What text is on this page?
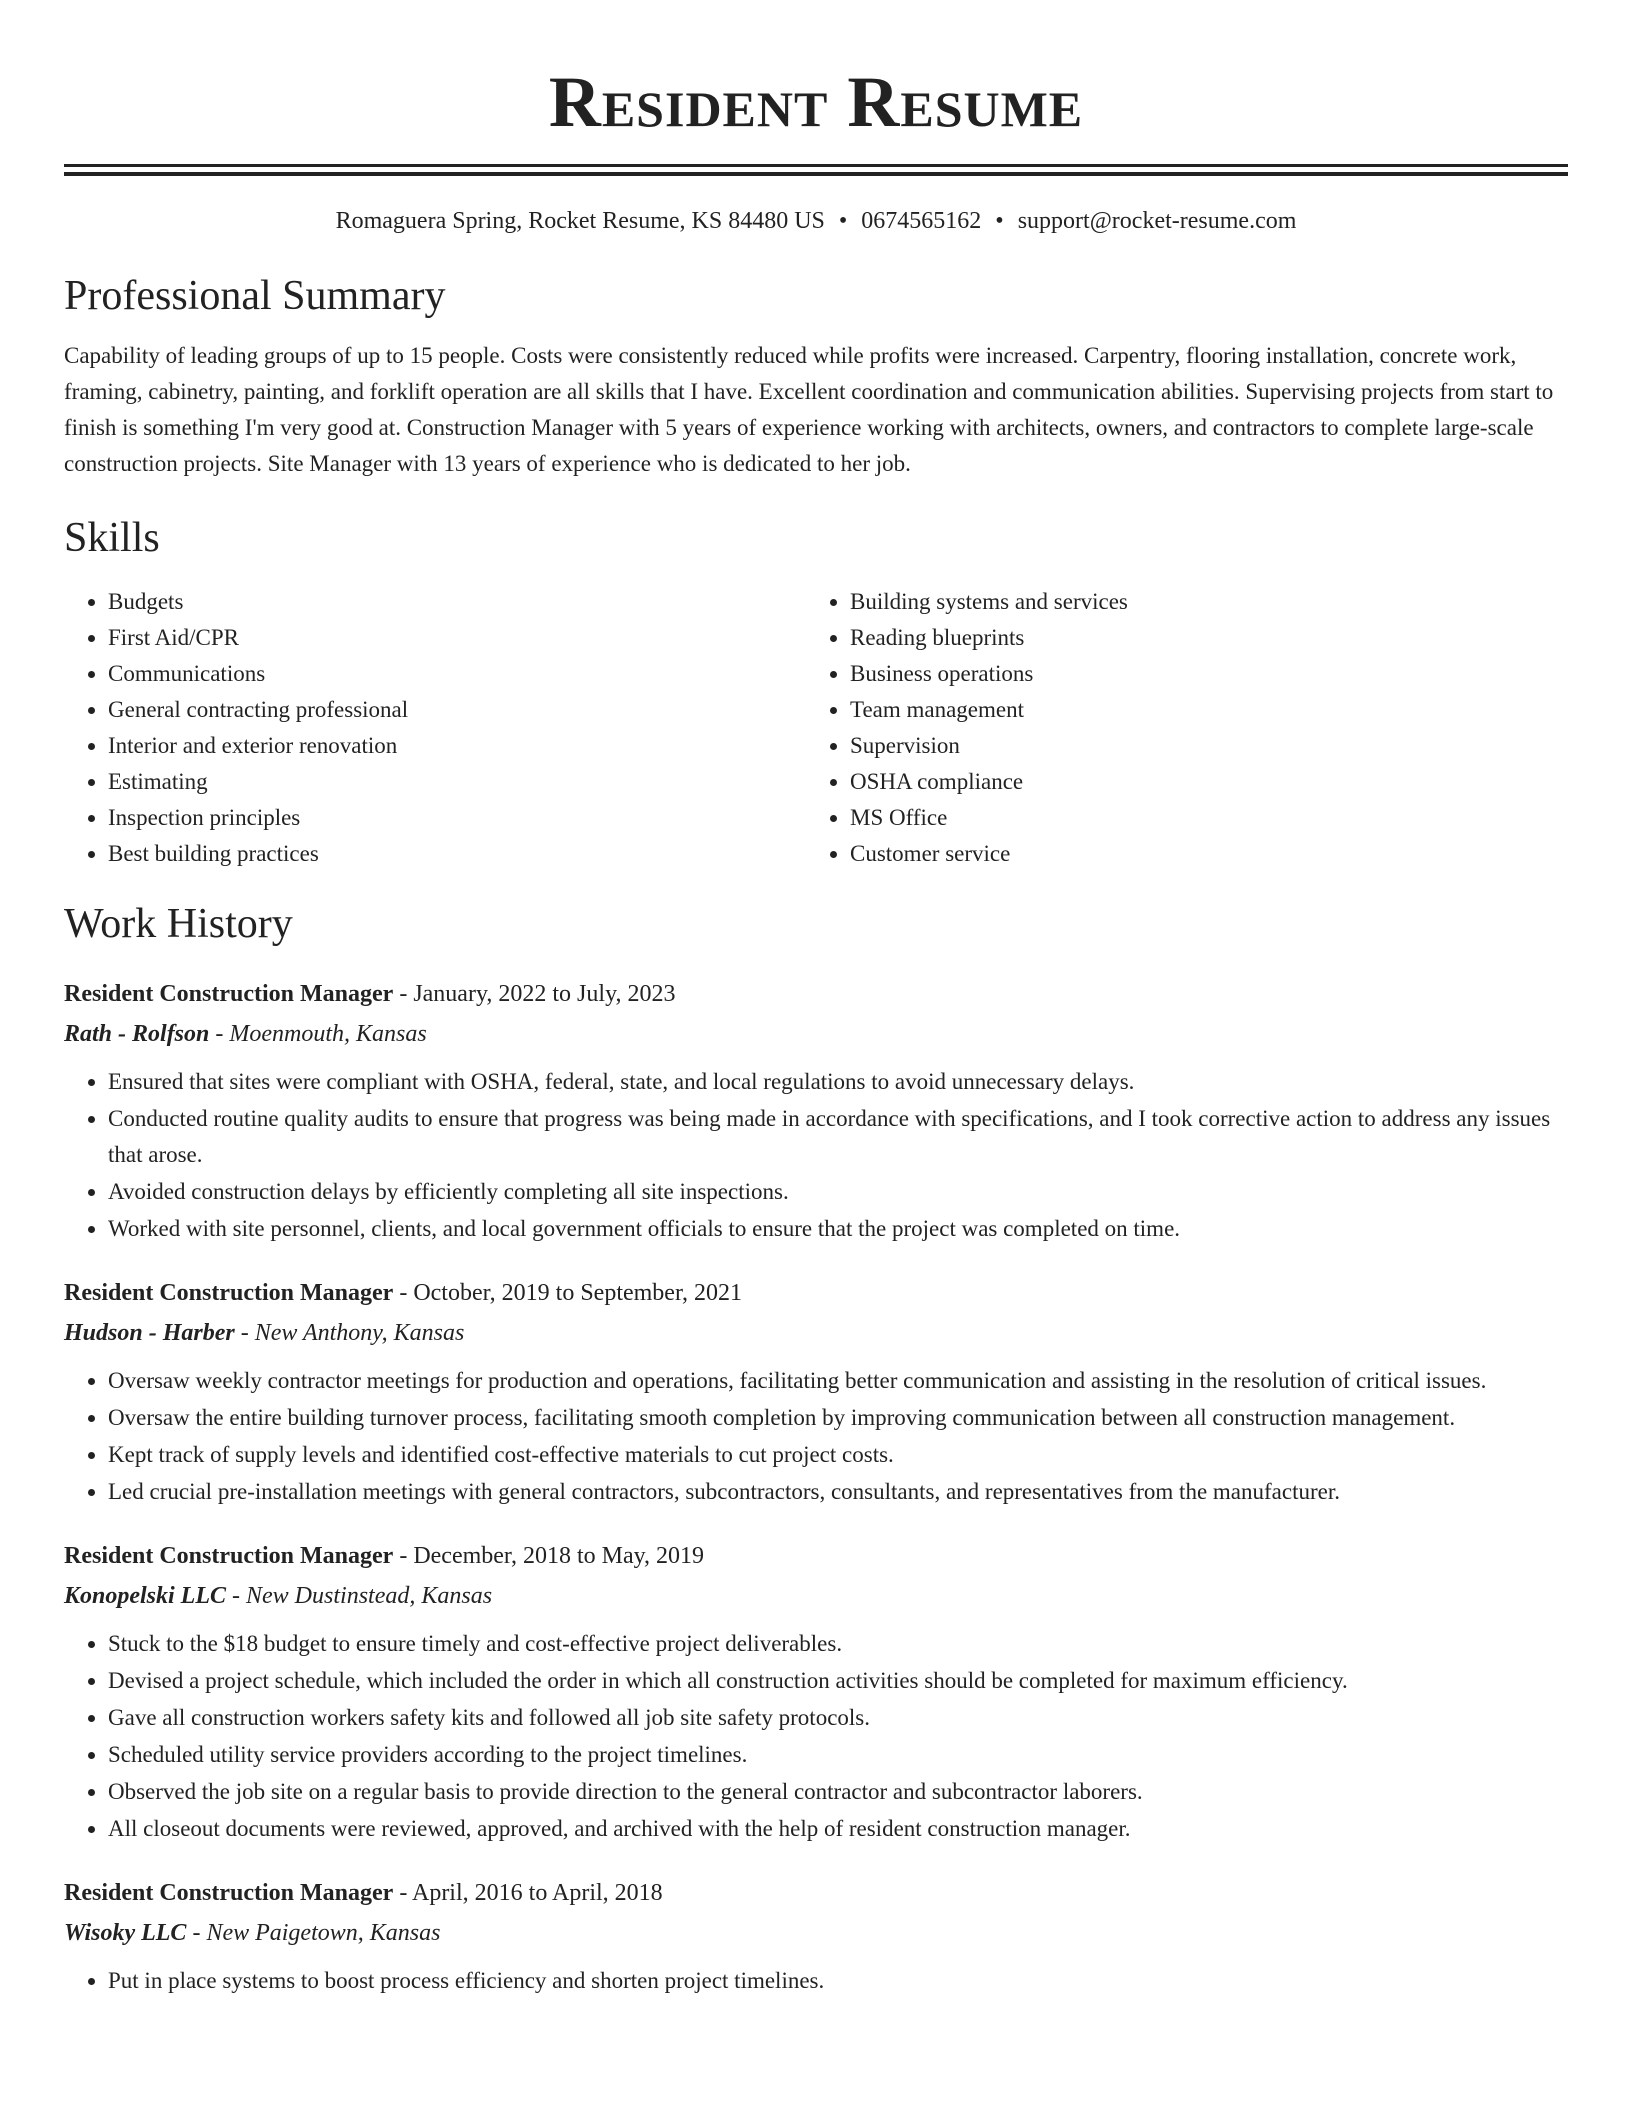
Resident Resume
Romaguera Spring, Rocket Resume, KS 84480 US • 0674565162 • support@rocket-resume.com
Professional Summary

Capability of leading groups of up to 15 people. Costs were consistently reduced while profits were increased. Carpentry, flooring installation, concrete work, framing, cabinetry, painting, and forklift operation are all skills that I have. Excellent coordination and communication abilities. Supervising projects from start to finish is something I'm very good at. Construction Manager with 5 years of experience working with architects, owners, and contractors to complete large-scale construction projects. Site Manager with 13 years of experience who is dedicated to her job.

Skills
• Budgets
• First Aid/CPR
• Communications
• General contracting professional
• Interior and exterior renovation
• Estimating
• Inspection principles
• Best building practices
• Building systems and services
• Reading blueprints
• Business operations
• Team management
• Supervision
• OSHA compliance
• MS Office
• Customer service
Work History
Resident Construction Manager - January, 2022 to July, 2023
Rath - Rolfson - Moenmouth, Kansas
• Ensured that sites were compliant with OSHA, federal, state, and local regulations to avoid unnecessary delays.
• Conducted routine quality audits to ensure that progress was being made in accordance with specifications, and I took corrective action to address any issues that arose.
• Avoided construction delays by efficiently completing all site inspections.
• Worked with site personnel, clients, and local government officials to ensure that the project was completed on time.
Resident Construction Manager - October, 2019 to September, 2021
Hudson - Harber - New Anthony, Kansas
• Oversaw weekly contractor meetings for production and operations, facilitating better communication and assisting in the resolution of critical issues.
• Oversaw the entire building turnover process, facilitating smooth completion by improving communication between all construction management.
• Kept track of supply levels and identified cost-effective materials to cut project costs.
• Led crucial pre-installation meetings with general contractors, subcontractors, consultants, and representatives from the manufacturer.
Resident Construction Manager - December, 2018 to May, 2019
Konopelski LLC - New Dustinstead, Kansas
• Stuck to the $18 budget to ensure timely and cost-effective project deliverables.
• Devised a project schedule, which included the order in which all construction activities should be completed for maximum efficiency.
• Gave all construction workers safety kits and followed all job site safety protocols.
• Scheduled utility service providers according to the project timelines.
• Observed the job site on a regular basis to provide direction to the general contractor and subcontractor laborers.
• All closeout documents were reviewed, approved, and archived with the help of resident construction manager.
Resident Construction Manager - April, 2016 to April, 2018
Wisoky LLC - New Paigetown, Kansas
• Put in place systems to boost process efficiency and shorten project timelines.
